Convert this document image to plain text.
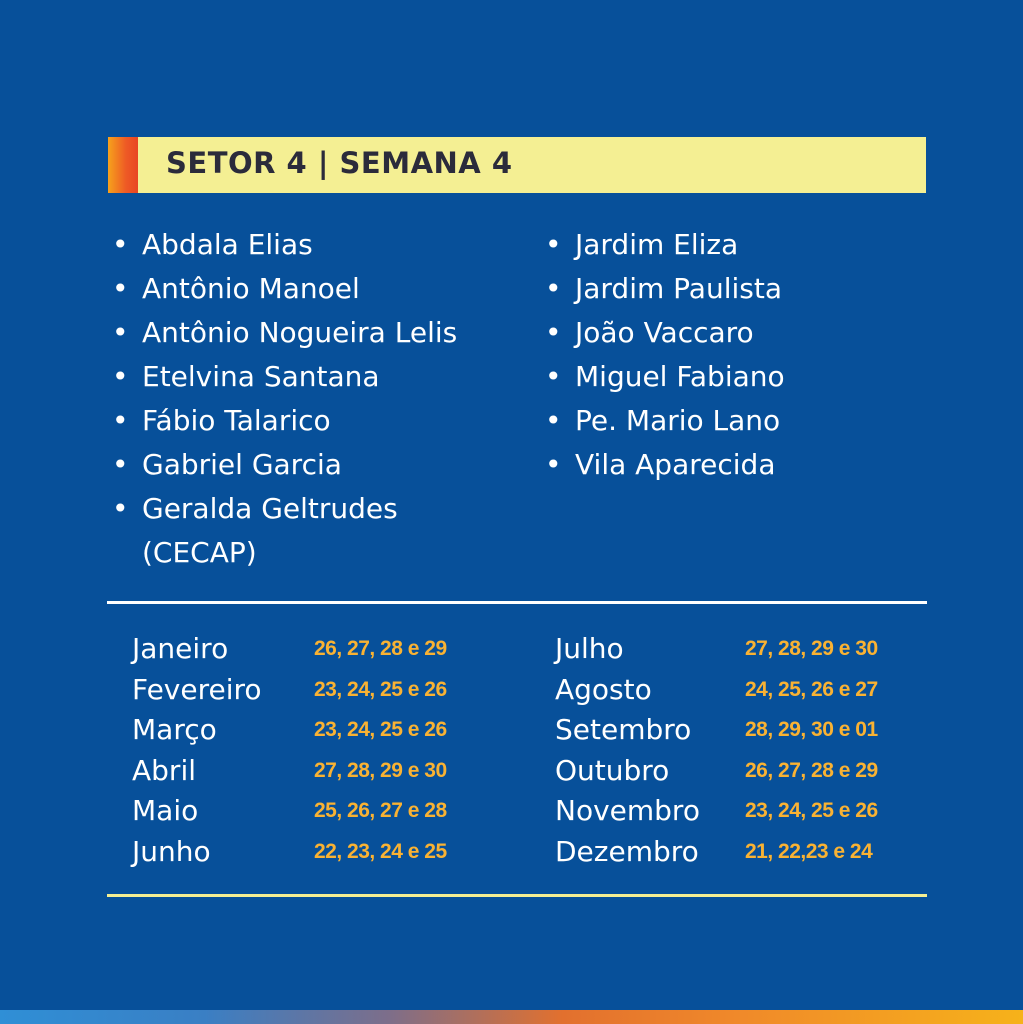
SETOR 4 | SEMANA 4
• Abdala Elias
• Antônio Manoel
• Antônio Nogueira Lelis
• Etelvina Santana
• Fábio Talarico
• Gabriel Garcia
• Geralda Geltrudes (CECAP)
• Jardim Eliza
• Jardim Paulista
• João Vaccaro
• Miguel Fabiano
• Pe. Mario Lano
• Vila Aparecida
Janeiro	26, 27, 28 e 29
Fevereiro 23, 24, 25 e 26
Março	23, 24, 25 e 26
Abril	27, 28, 29 e 30
Maio	25, 26, 27 e 28
Junho	22, 23, 24 e 25
Julho	27, 28, 29 e 30
Agosto	24, 25, 26 e 27
Setembro	28, 29, 30 e 01
Outubro	26, 27, 28 e 29
Novembro 23, 24, 25 e 26
Dezembro 21, 22,23 e 24
